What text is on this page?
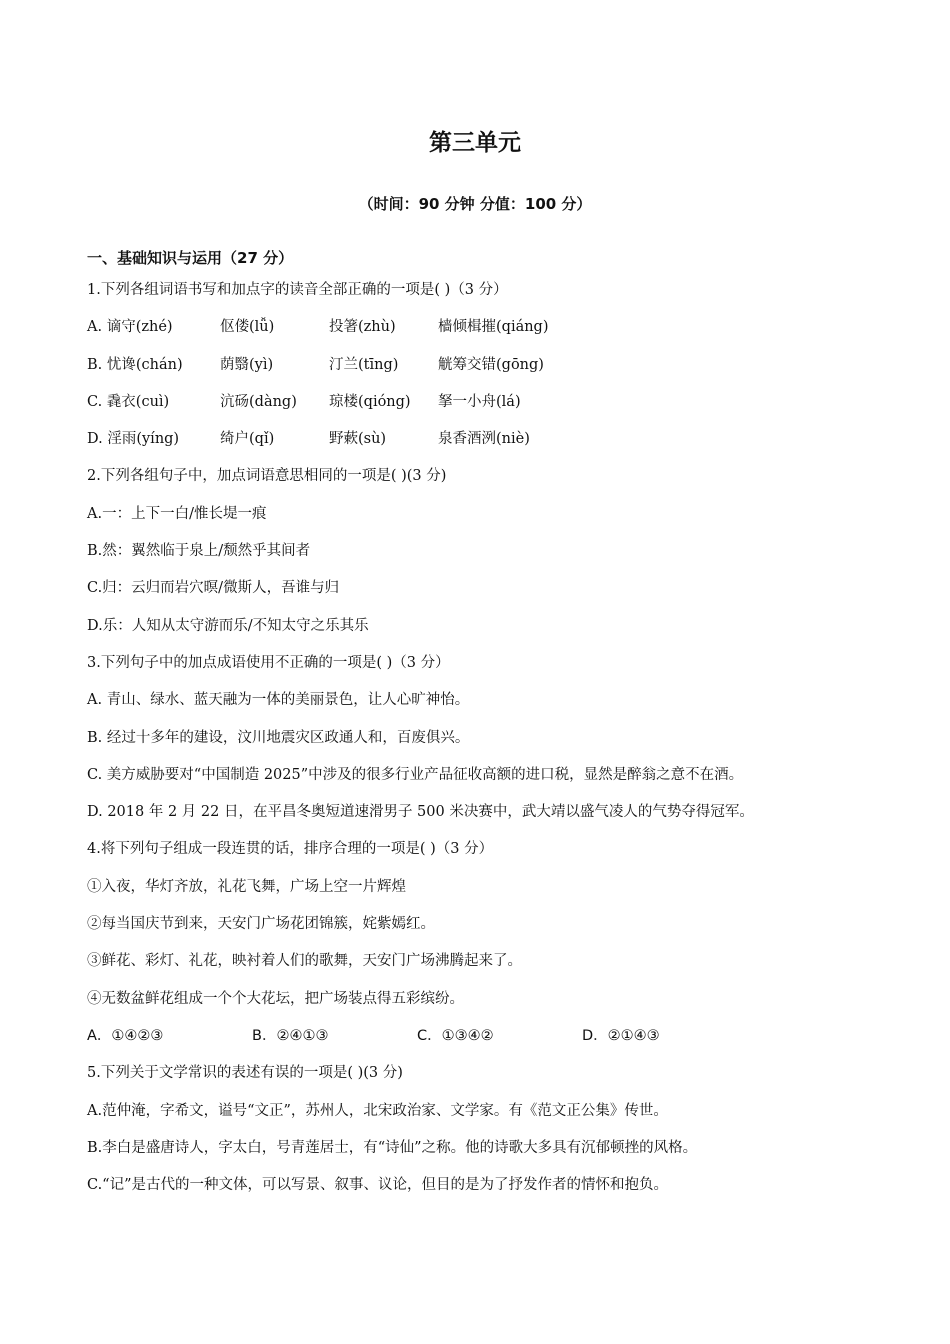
第三单元
（时间：90 分钟 分值：100 分）
一、基础知识与运用（27 分）
1.下列各组词语书写和加点字的读音全部正确的一项是( )（3 分）
A. 谪守(zhé)	伛偻(lǚ)	投箸(zhù)	樯倾楫摧(qiáng)
B. 忧谗(chán)	荫翳(yì)	汀兰(tīng)	觥筹交错(gōng)
C. 毳衣(cuì)	沆砀(dàng)	琼楼(qióng)	拏一小舟(lá)
D. 淫雨(yíng)	绮户(qǐ)	野蔌(sù)	泉香酒洌(niè)
2.下列各组句子中，加点词语意思相同的一项是( )(3 分)
A.一：上下一白/惟长堤一痕
B.然：翼然临于泉上/颓然乎其间者
C.归：云归而岩穴暝/微斯人，吾谁与归
D.乐：人知从太守游而乐/不知太守之乐其乐
3.下列句子中的加点成语使用不正确的一项是( )（3 分）
A. 青山、绿水、蓝天融为一体的美丽景色，让人心旷神怡。
B. 经过十多年的建设，汶川地震灾区政通人和，百废俱兴。
C. 美方威胁要对“中国制造 2025”中涉及的很多行业产品征收高额的进口税，显然是醉翁之意不在酒。
D. 2018 年 2 月 22 日，在平昌冬奥短道速滑男子 500 米决赛中，武大靖以盛气凌人的气势夺得冠军。
4.将下列句子组成一段连贯的话，排序合理的一项是( )（3 分）
①入夜，华灯齐放，礼花飞舞，广场上空一片辉煌
②每当国庆节到来，天安门广场花团锦簇，姹紫嫣红。
③鲜花、彩灯、礼花，映衬着人们的歌舞，天安门广场沸腾起来了。
④无数盆鲜花组成一个个大花坛，把广场装点得五彩缤纷。
A．①④②③	B．②④①③	C．①③④②	D．②①④③
5.下列关于文学常识的表述有误的一项是( )(3 分)
A.范仲淹，字希文，谥号“文正”，苏州人，北宋政治家、文学家。有《范文正公集》传世。
B.李白是盛唐诗人，字太白，号青莲居士，有“诗仙”之称。他的诗歌大多具有沉郁顿挫的风格。
C.“记”是古代的一种文体，可以写景、叙事、议论，但目的是为了抒发作者的情怀和抱负。
